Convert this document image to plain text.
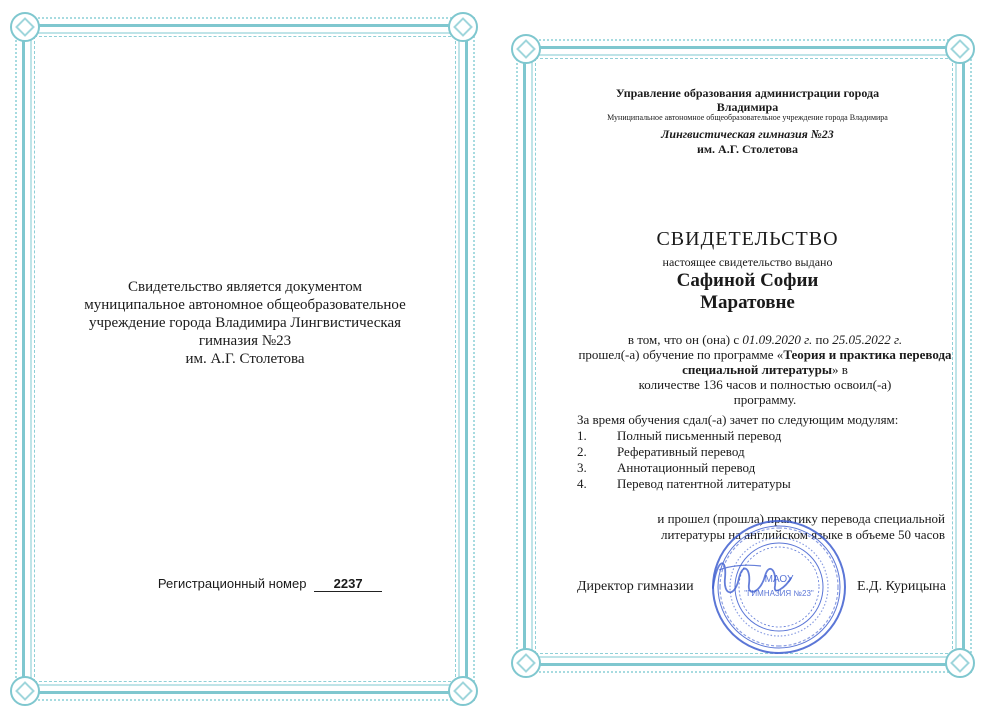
Свидетельство является документом
муниципальное автономное общеобразовательное
учреждение города Владимира Лингвистическая
гимназия №23
им. А.Г. Столетова
Регистрационный номер 2237
Управление образования администрации города
Владимира
Муниципальное автономное общеобразовательное учреждение города Владимира
Лингвистическая гимназия №23
им. А.Г. Столетова
СВИДЕТЕЛЬСТВО
настоящее свидетельство выдано
Сафиной Софии
Маратовне
в том, что он (она) с 01.09.2020 г. по 25.05.2022 г.
прошел(-а) обучение по программе «Теория и практика перевода специальной литературы» в
количестве 136 часов и полностью освоил(-а)
программу.
За время обучения сдал(-а) зачет по следующим модулям:
1.	Полный письменный перевод
2.	Реферативный перевод
3.	Аннотационный перевод
4.	Перевод патентной литературы
и прошел (прошла) практику перевода специальной
литературы на английском языке в объеме 50 часов
Директор гимназии	Е.Д. Курицына
МАОУ
"ГИМНАЗИЯ №23"
